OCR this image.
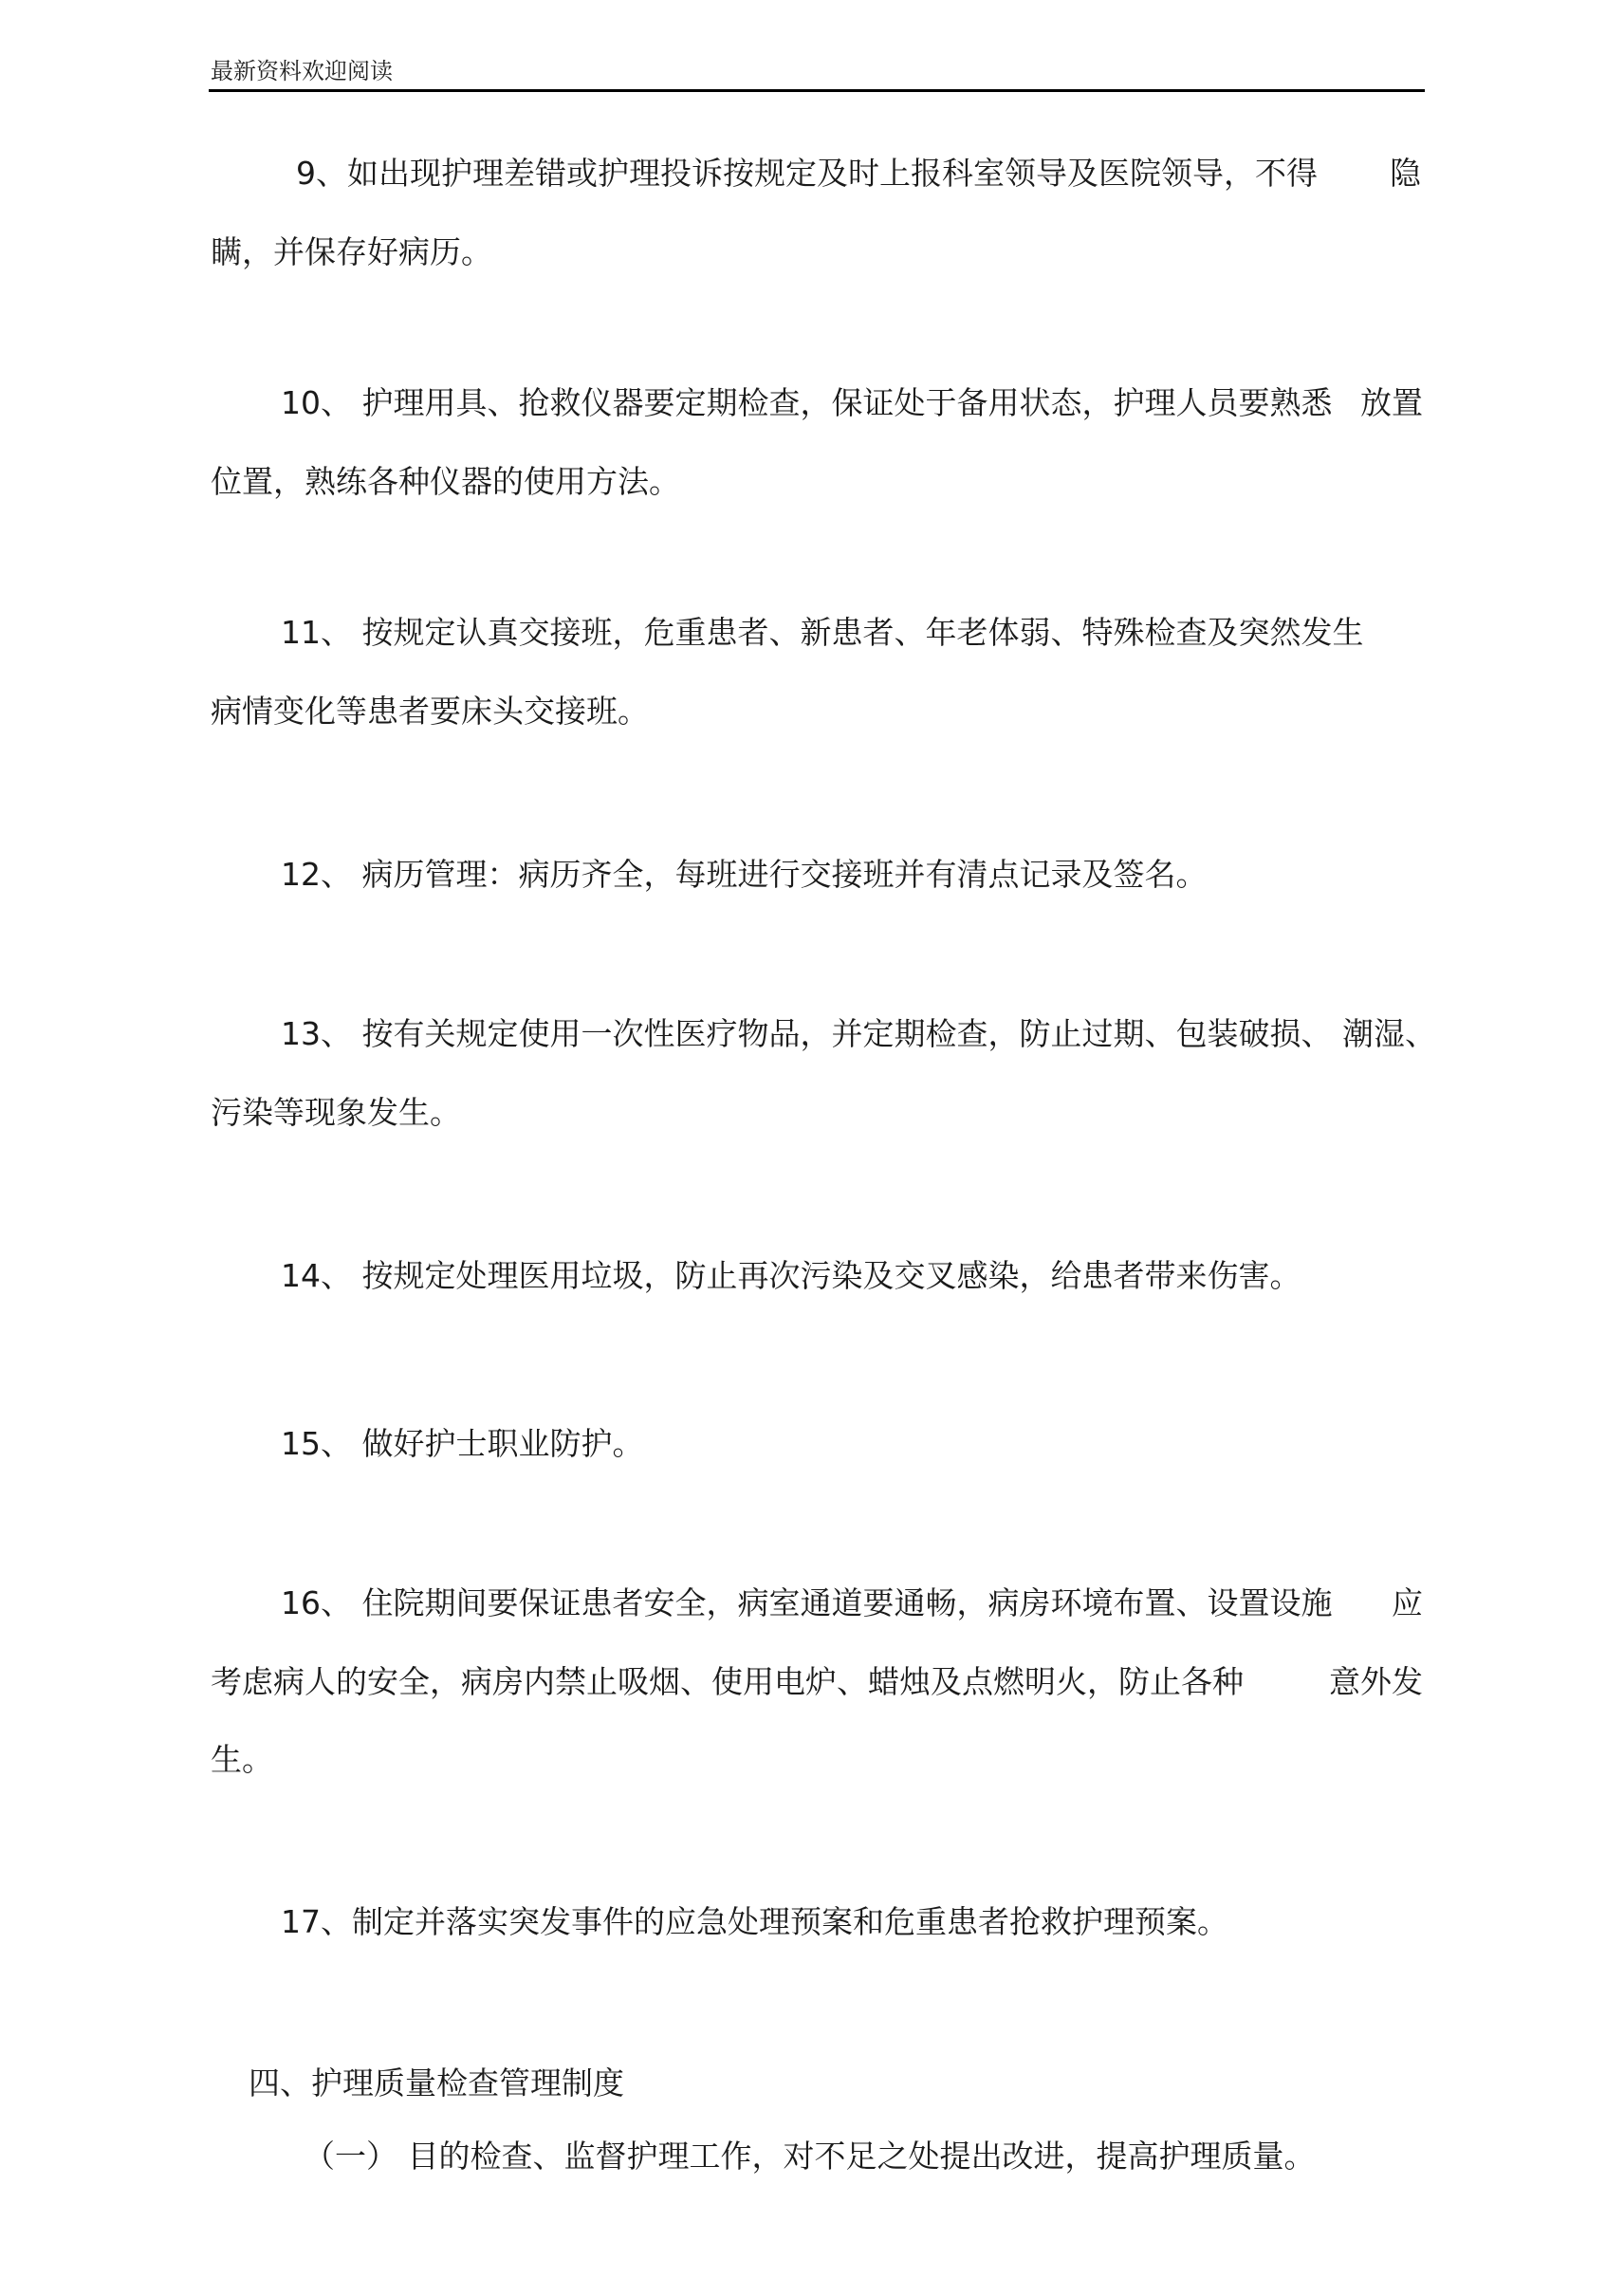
最新资料欢迎阅读
9、如出现护理差错或护理投诉按规定及时上报科室领导及医院领导，不得 隐
瞒，并保存好病历。
10、 护理用具、抢救仪器要定期检查，保证处于备用状态，护理人员要熟悉 放置
位置，熟练各种仪器的使用方法。
11、 按规定认真交接班，危重患者、新患者、年老体弱、特殊检查及突然发生
病情变化等患者要床头交接班。
12、 病历管理：病历齐全，每班进行交接班并有清点记录及签名。
13、 按有关规定使用一次性医疗物品，并定期检查，防止过期、包装破损、 潮湿、
污染等现象发生。
14、 按规定处理医用垃圾，防止再次污染及交叉感染，给患者带来伤害。
15、 做好护士职业防护。
16、 住院期间要保证患者安全，病室通道要通畅，病房环境布置、设置设施 应
考虑病人的安全，病房内禁止吸烟、使用电炉、蜡烛及点燃明火，防止各种	意外发
生。
17、制定并落实突发事件的应急处理预案和危重患者抢救护理预案。
四、护理质量检查管理制度
（一） 目的检查、监督护理工作，对不足之处提出改进，提高护理质量。
